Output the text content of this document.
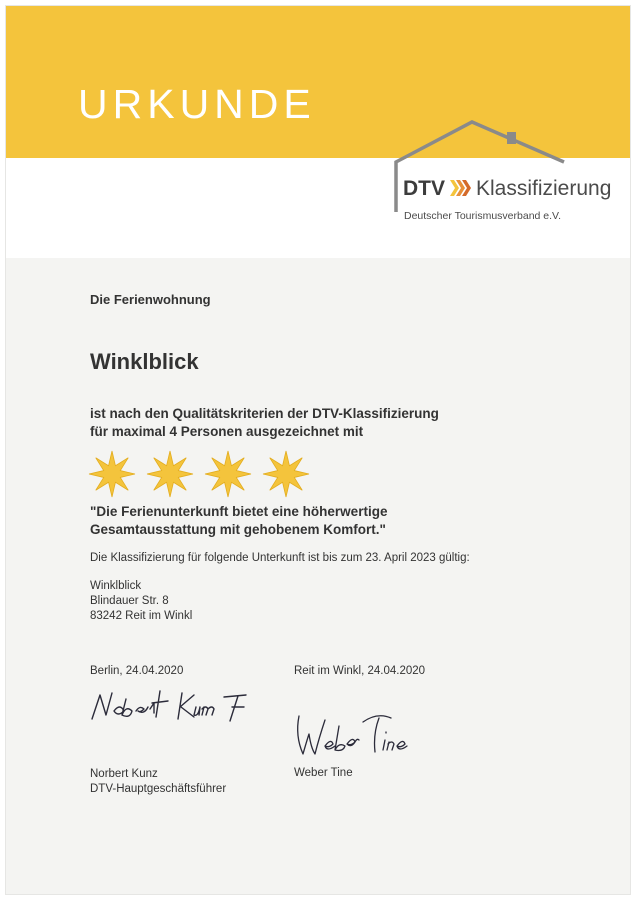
URKUNDE
DTV Klassifizierung
Deutscher Tourismusverband e.V.
Die Ferienwohnung
Winklblick
ist nach den Qualitätskriterien der DTV-Klassifizierung
für maximal 4 Personen ausgezeichnet mit
"Die Ferienunterkunft bietet eine höherwertige
Gesamtausstattung mit gehobenem Komfort."
Die Klassifizierung für folgende Unterkunft ist bis zum 23. April 2023 gültig:
Winklblick
Blindauer Str. 8
83242 Reit im Winkl
Berlin, 24.04.2020	Reit im Winkl, 24.04.2020
Norbert Kunz
DTV-Hauptgeschäftsführer
Weber Tine
